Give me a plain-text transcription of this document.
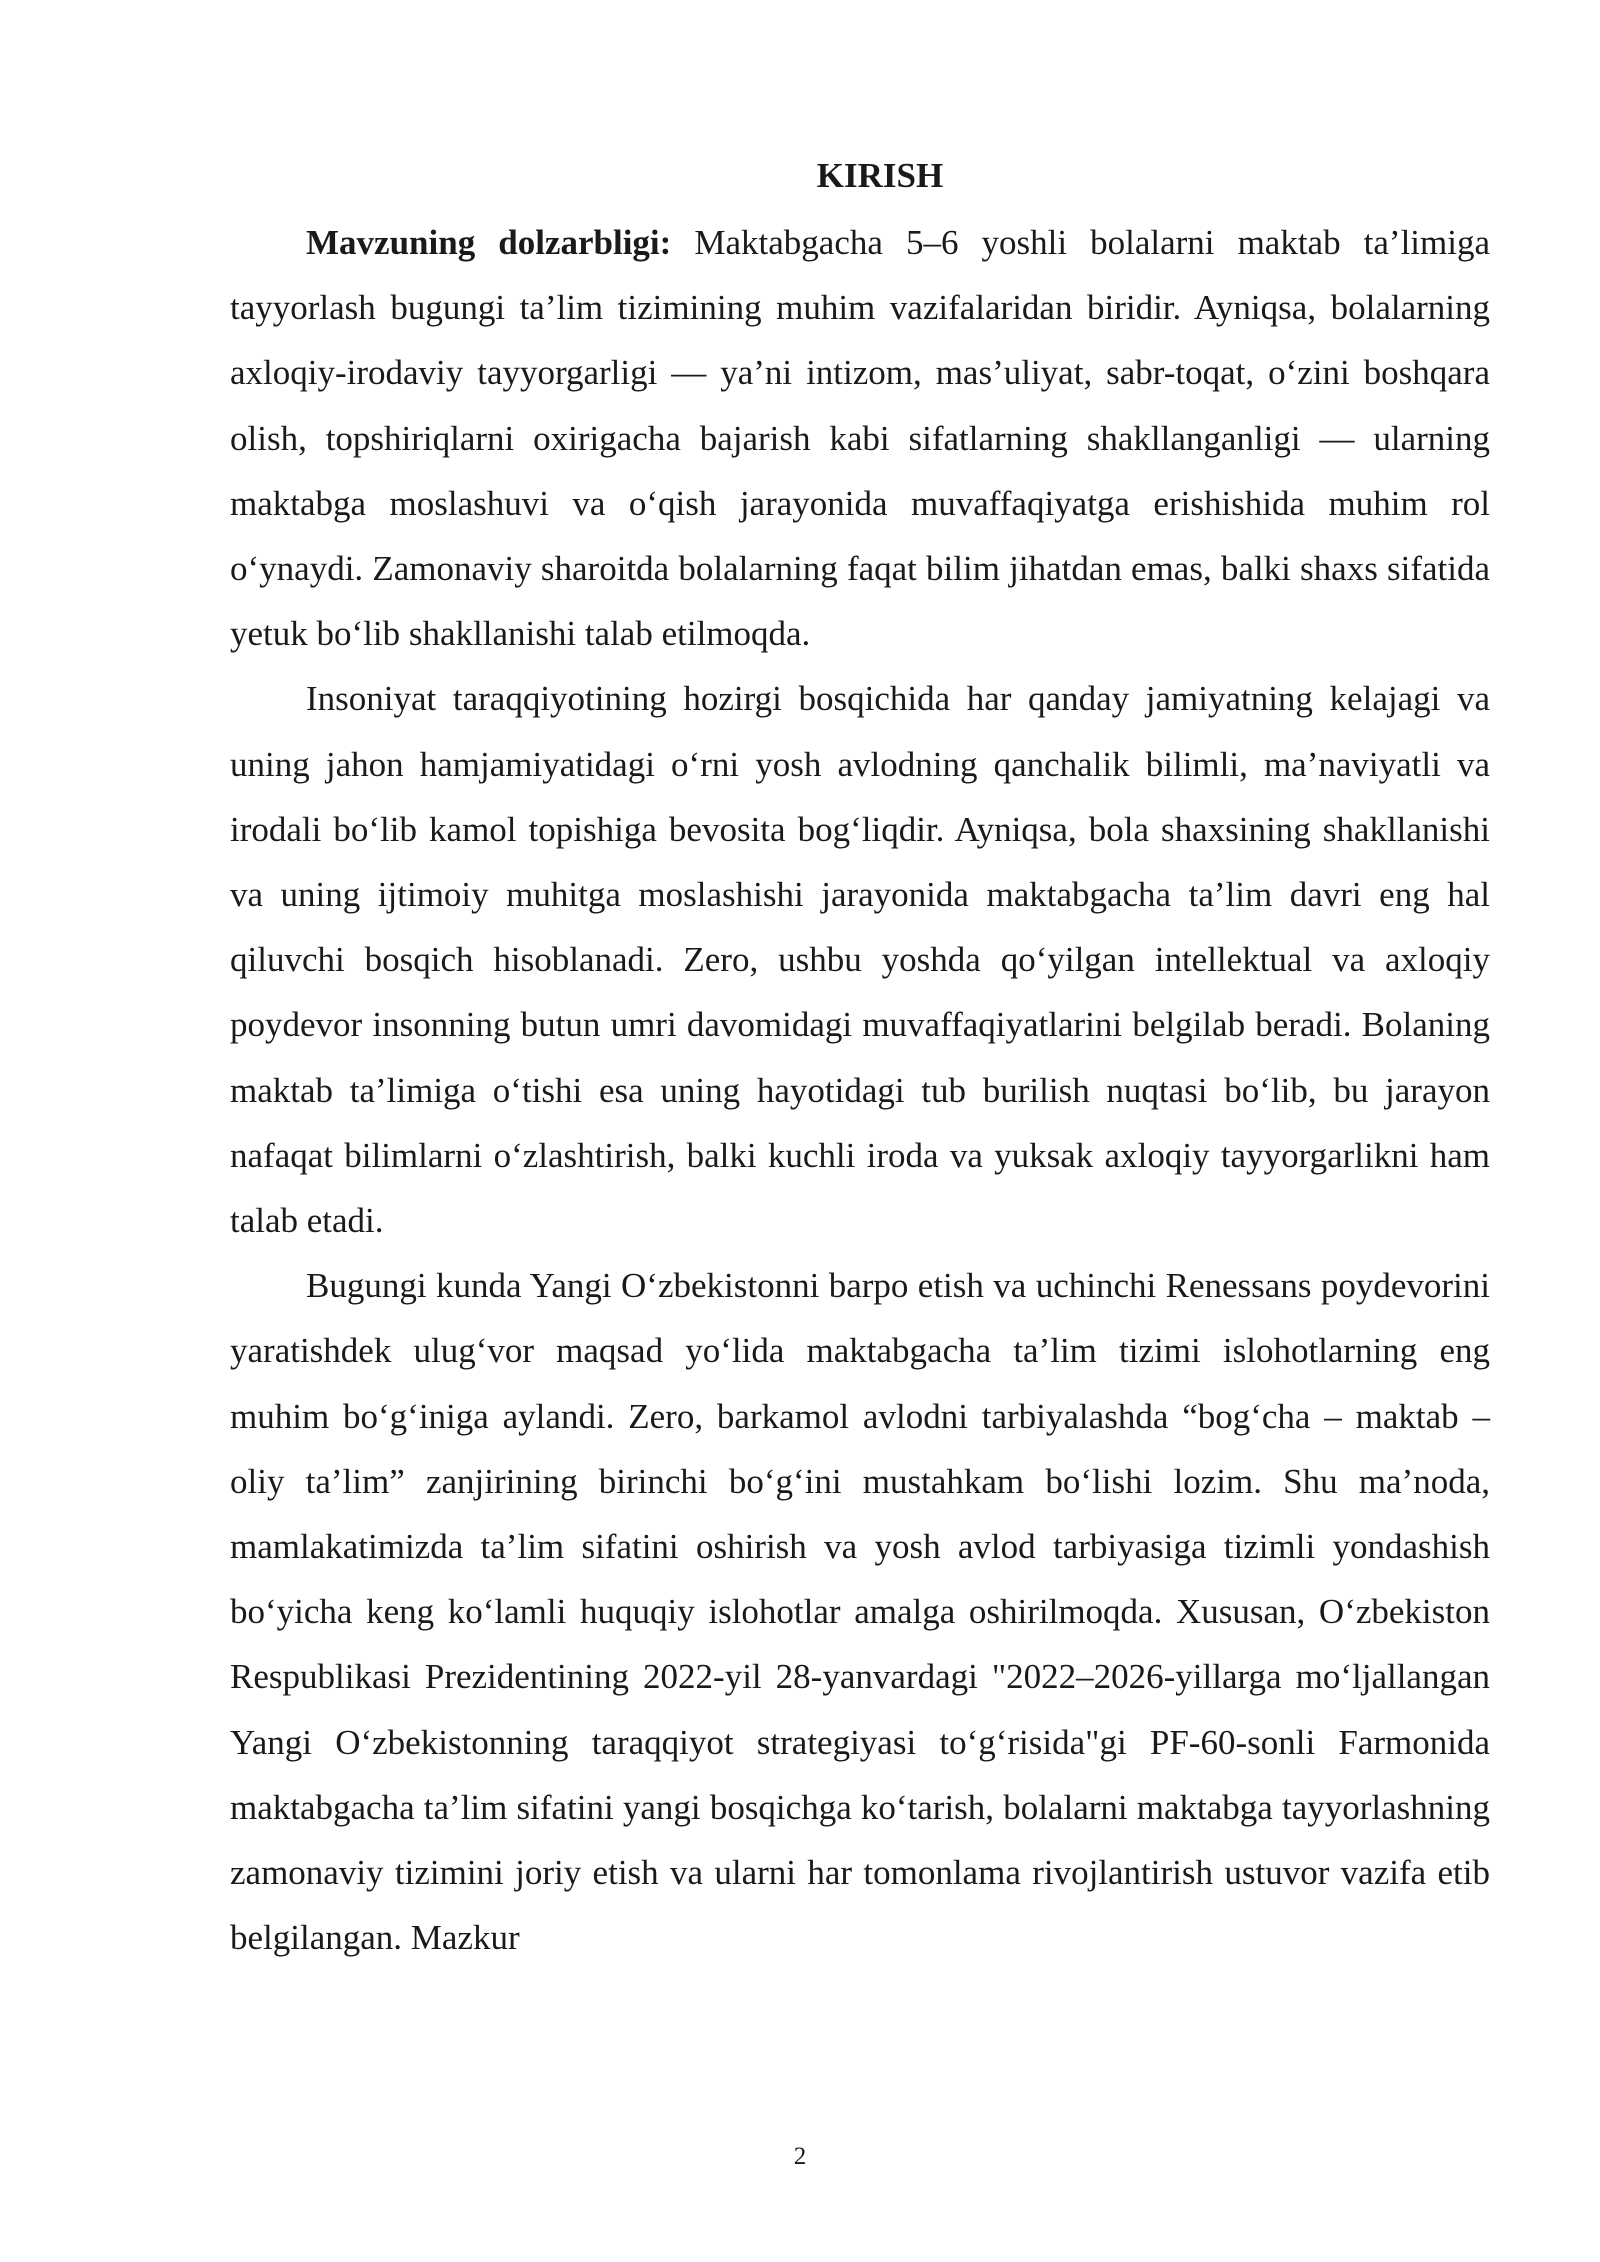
KIRISH

Mavzuning dolzarbligi: Maktabgacha 5–6 yoshli bolalarni maktab ta’limiga tayyorlash bugungi ta’lim tizimining muhim vazifalaridan biridir. Ayniqsa, bolalarning axloqiy-irodaviy tayyorgarligi — ya’ni intizom, mas’uliyat, sabr-toqat, o‘zini boshqara olish, topshiriqlarni oxirigacha bajarish kabi sifatlarning shakllanganligi — ularning maktabga moslashuvi va o‘qish jarayonida muvaffaqiyatga erishishida muhim rol o‘ynaydi. Zamonaviy sharoitda bolalarning faqat bilim jihatdan emas, balki shaxs sifatida yetuk bo‘lib shakllanishi talab etilmoqda.

Insoniyat taraqqiyotining hozirgi bosqichida har qanday jamiyatning kelajagi va uning jahon hamjamiyatidagi o‘rni yosh avlodning qanchalik bilimli, ma’naviyatli va irodali bo‘lib kamol topishiga bevosita bog‘liqdir. Ayniqsa, bola shaxsining shakllanishi va uning ijtimoiy muhitga moslashishi jarayonida maktabgacha ta’lim davri eng hal qiluvchi bosqich hisoblanadi. Zero, ushbu yoshda qo‘yilgan intellektual va axloqiy poydevor insonning butun umri davomidagi muvaffaqiyatlarini belgilab beradi. Bolaning maktab ta’limiga o‘tishi esa uning hayotidagi tub burilish nuqtasi bo‘lib, bu jarayon nafaqat bilimlarni o‘zlashtirish, balki kuchli iroda va yuksak axloqiy tayyorgarlikni ham talab etadi.

Bugungi kunda Yangi O‘zbekistonni barpo etish va uchinchi Renessans poydevorini yaratishdek ulug‘vor maqsad yo‘lida maktabgacha ta’lim tizimi islohotlarning eng muhim bo‘g‘iniga aylandi. Zero, barkamol avlodni tarbiyalashda “bog‘cha – maktab – oliy ta’lim” zanjirining birinchi bo‘g‘ini mustahkam bo‘lishi lozim. Shu ma’noda, mamlakatimizda ta’lim sifatini oshirish va yosh avlod tarbiyasiga tizimli yondashish bo‘yicha keng ko‘lamli huquqiy islohotlar amalga oshirilmoqda. Xususan, O‘zbekiston Respublikasi Prezidentining 2022-yil 28-yanvardagi "2022–2026-yillarga mo‘ljallangan Yangi O‘zbekistonning taraqqiyot strategiyasi to‘g‘risida"gi PF-60-sonli Farmonida maktabgacha ta’lim sifatini yangi bosqichga ko‘tarish, bolalarni maktabga tayyorlashning zamonaviy tizimini joriy etish va ularni har tomonlama rivojlantirish ustuvor vazifa etib belgilangan. Mazkur

2
